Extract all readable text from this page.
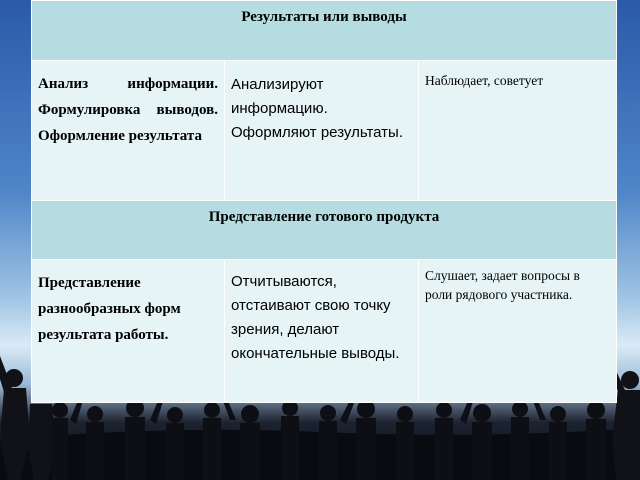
Результаты или выводы		
Анализ информации. Формулировка выводов. Оформление результата	Анализируют информацию. Оформляют результаты.	Наблюдает, советует
Представление готового продукта		
Представление разнообразных форм результата работы.	Отчитываются, отстаивают свою точку зрения, делают окончательные выводы.	Слушает, задает вопросы в роли рядового участника.
